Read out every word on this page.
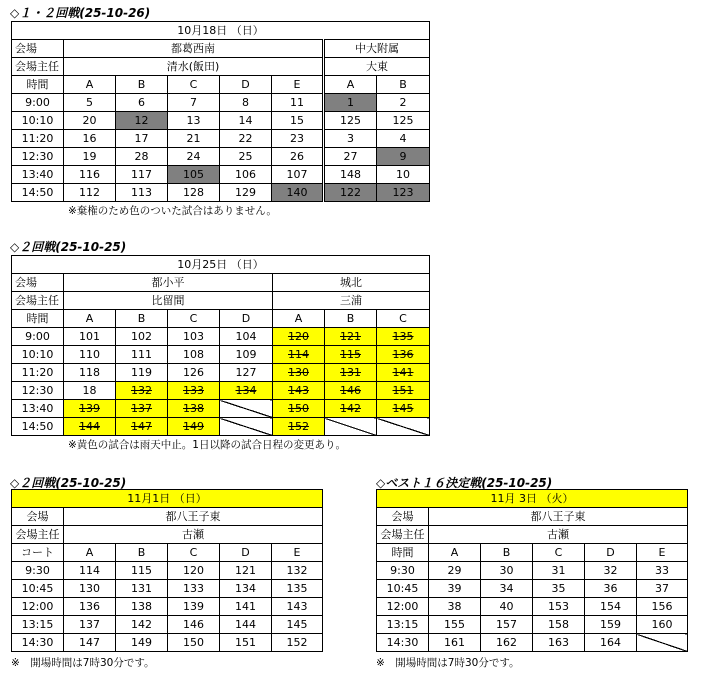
◇１・２回戦(25-10-26)
10月18日 （日）							
会場	都葛西南					中大附属	
会場主任	清水(飯田)					大東	
時間	A	B	C	D	E	A	B
9:00	5	6	7	8	11	1	2
10:10	20	12	13	14	15	125	125
11:20	16	17	21	22	23	3	4
12:30	19	28	24	25	26	27	9
13:40	116	117	105	106	107	148	10
14:50	112	113	128	129	140	122	123
※棄権のため色のついた試合はありません。
◇２回戦(25-10-25)
10月25日 （日）							
会場	都小平				城北		
会場主任	比留間				三浦		
時間	A	B	C	D	A	B	C
9:00	101	102	103	104	120	121	135
10:10	110	111	108	109	114	115	136
11:20	118	119	126	127	130	131	141
12:30	18	132	133	134	143	146	151
13:40	139	137	138		150	142	145
14:50	144	147	149		152		
※黄色の試合は雨天中止。1日以降の試合日程の変更あり。
◇２回戦(25-10-25)
11月1日 （日）					
会場	都八王子東				
会場主任	古瀬				
コート	A	B	C	D	E
9:30	114	115	120	121	132
10:45	130	131	133	134	135
12:00	136	138	139	141	143
13:15	137	142	146	144	145
14:30	147	149	150	151	152
※　開場時間は7時30分です。
◇ベスト１６決定戦(25-10-25)
11月 3日 （火）					
会場	都八王子東				
会場主任	古瀬				
時間	A	B	C	D	E
9:30	29	30	31	32	33
10:45	39	34	35	36	37
12:00	38	40	153	154	156
13:15	155	157	158	159	160
14:30	161	162	163	164	
※　開場時間は7時30分です。
